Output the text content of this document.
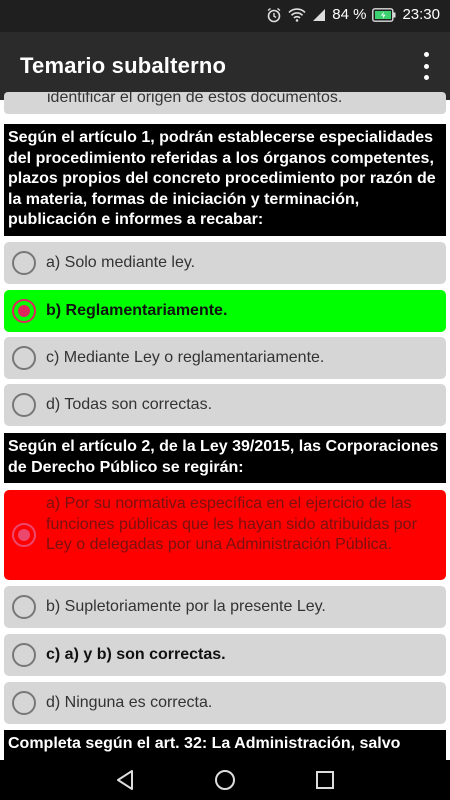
84 % 23:30
Temario subalterno
identificar el origen de estos documentos.
Según el artículo 1, podrán establecerse especialidades del procedimiento referidas a los órganos competentes, plazos propios del concreto procedimiento por razón de la materia, formas de iniciación y terminación, publicación e informes a recabar:
a) Solo mediante ley.
b) Reglamentariamente.
c) Mediante Ley o reglamentariamente.
d) Todas son correctas.
Según el artículo 2, de la Ley 39/2015, las Corporaciones de Derecho Público se regirán:
a) Por su normativa específica en el ejercicio de las funciones públicas que les hayan sido atribuidas por Ley o delegadas por una Administración Pública.
b) Supletoriamente por la presente Ley.
c) a) y b) son correctas.
d) Ninguna es correcta.
Completa según el art. 32: La Administración, salvo
